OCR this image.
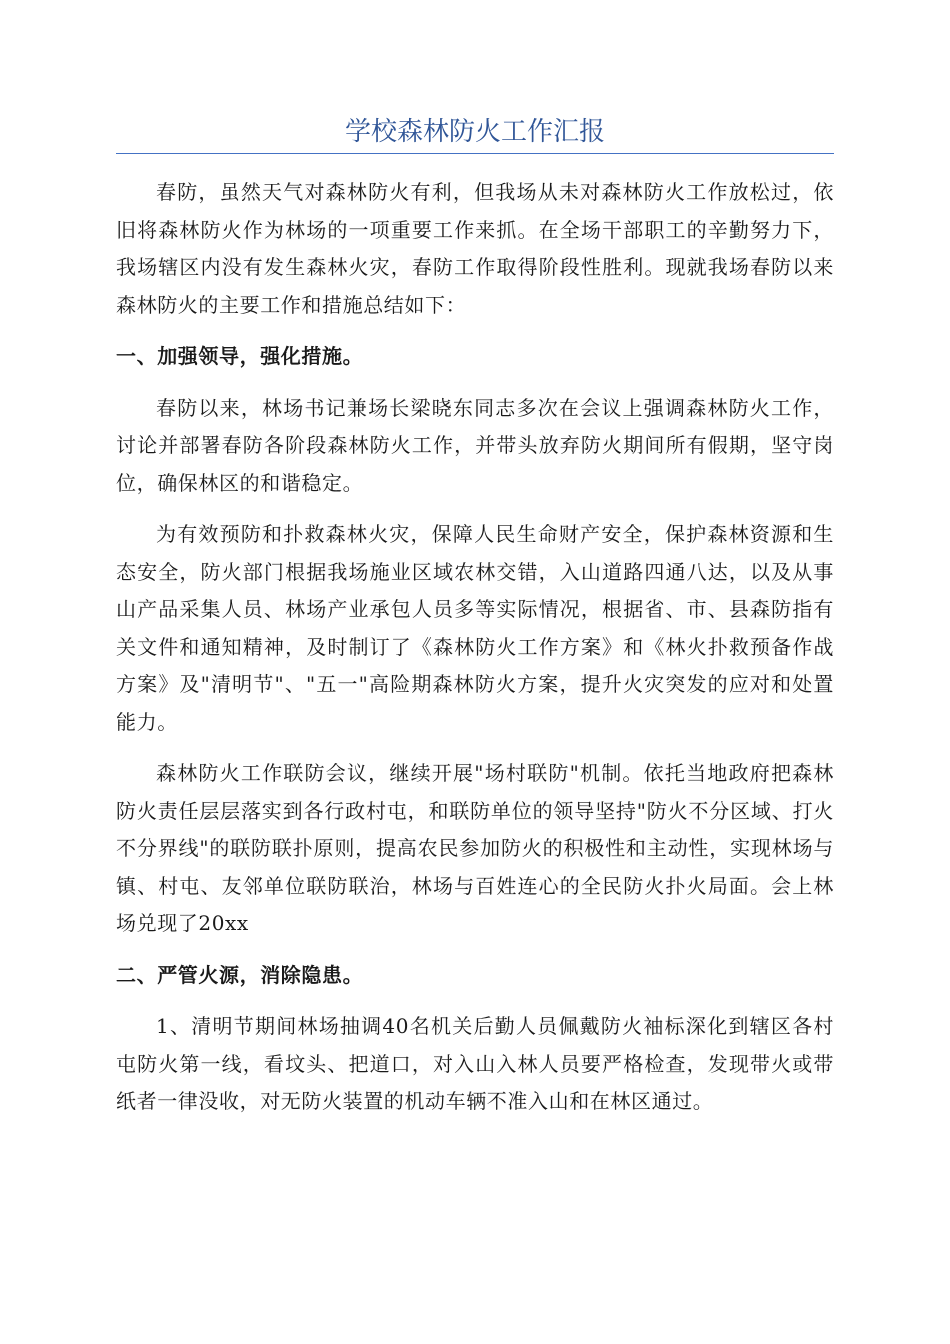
学校森林防火工作汇报

春防，虽然天气对森林防火有利，但我场从未对森林防火工作放松过，依旧将森林防火作为林场的一项重要工作来抓。在全场干部职工的辛勤努力下，我场辖区内没有发生森林火灾，春防工作取得阶段性胜利。现就我场春防以来森林防火的主要工作和措施总结如下：

一、加强领导，强化措施。

春防以来，林场书记兼场长梁晓东同志多次在会议上强调森林防火工作，讨论并部署春防各阶段森林防火工作，并带头放弃防火期间所有假期，坚守岗位，确保林区的和谐稳定。

为有效预防和扑救森林火灾，保障人民生命财产安全，保护森林资源和生态安全，防火部门根据我场施业区域农林交错，入山道路四通八达，以及从事山产品采集人员、林场产业承包人员多等实际情况，根据省、市、县森防指有关文件和通知精神，及时制订了《森林防火工作方案》和《林火扑救预备作战方案》及"清明节"、"五一"高险期森林防火方案，提升火灾突发的应对和处置能力。

森林防火工作联防会议，继续开展"场村联防"机制。依托当地政府把森林防火责任层层落实到各行政村屯，和联防单位的领导坚持"防火不分区域、打火不分界线"的联防联扑原则，提高农民参加防火的积极性和主动性，实现林场与镇、村屯、友邻单位联防联治，林场与百姓连心的全民防火扑火局面。会上林场兑现了20xx

二、严管火源，消除隐患。

1、清明节期间林场抽调40名机关后勤人员佩戴防火袖标深化到辖区各村屯防火第一线，看坟头、把道口，对入山入林人员要严格检查，发现带火或带纸者一律没收，对无防火装置的机动车辆不准入山和在林区通过。
